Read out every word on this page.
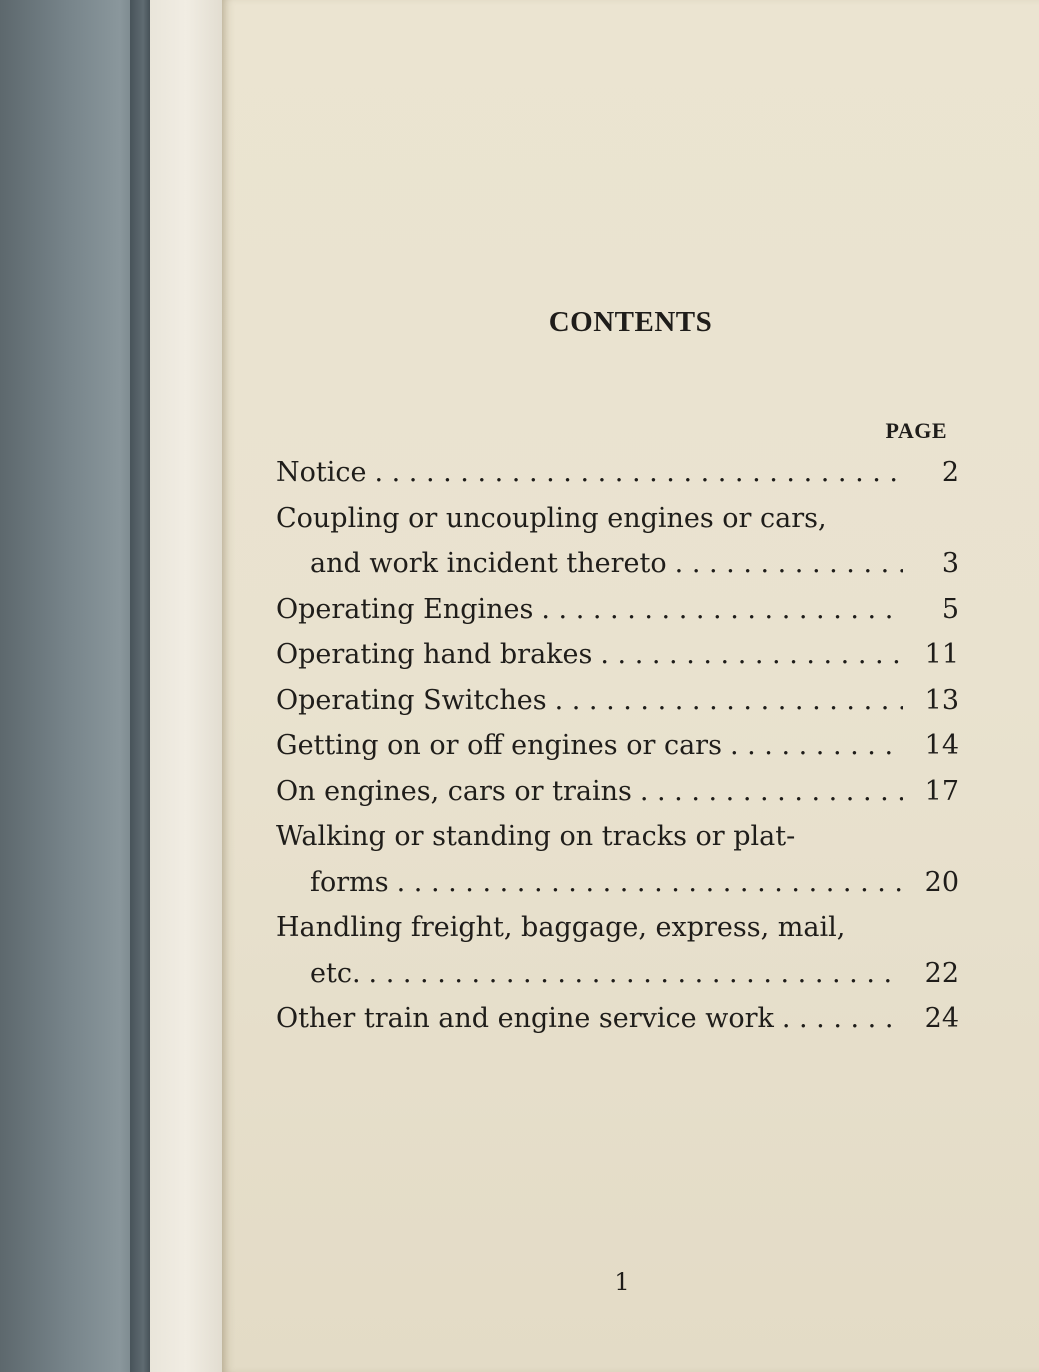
CONTENTS
PAGE
Notice . . .	2
Coupling or uncoupling engines or cars,
and work incident thereto . . .	3
Operating Engines . . .	5
Operating hand brakes . . .	11
Operating Switches . . .	13
Getting on or off engines or cars . . .	14
On engines, cars or trains . . .	17
Walking or standing on tracks or plat-
forms . . .	20
Handling freight, baggage, express, mail,
etc. . . .	22
Other train and engine service work . . .	24
1
